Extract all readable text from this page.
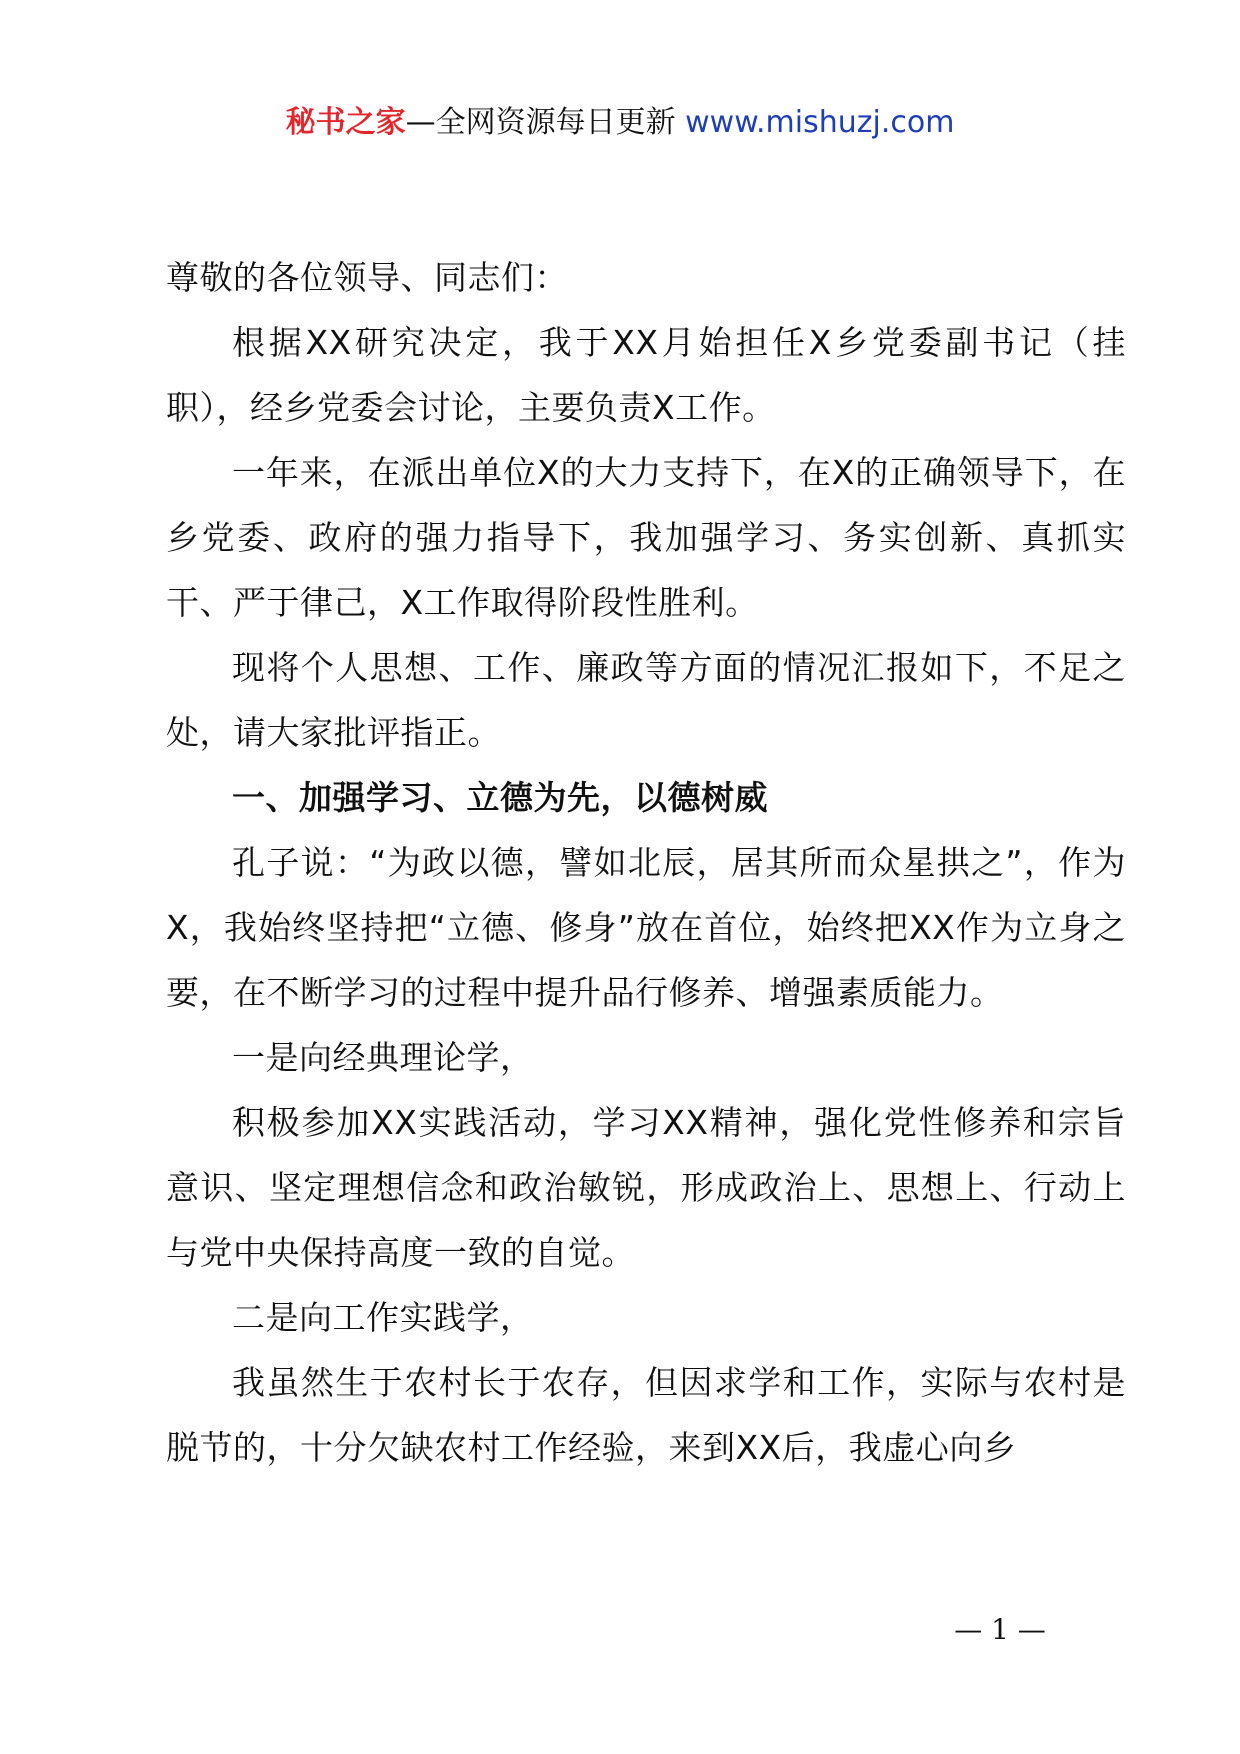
秘书之家—全网资源每日更新 www.mishuzj.com

尊敬的各位领导、同志们：

根据XX研究决定，我于XX月始担任X乡党委副书记（挂职），经乡党委会讨论，主要负责X工作。

一年来，在派出单位X的大力支持下，在X的正确领导下，在乡党委、政府的强力指导下，我加强学习、务实创新、真抓实干、严于律己，X工作取得阶段性胜利。

现将个人思想、工作、廉政等方面的情况汇报如下，不足之处，请大家批评指正。

一、加强学习、立德为先，以德树威

孔子说：“为政以德，譬如北辰，居其所而众星拱之”，作为X，我始终坚持把“立德、修身”放在首位，始终把XX作为立身之要，在不断学习的过程中提升品行修养、增强素质能力。

一是向经典理论学，

积极参加XX实践活动，学习XX精神，强化党性修养和宗旨意识、坚定理想信念和政治敏锐，形成政治上、思想上、行动上与党中央保持高度一致的自觉。

二是向工作实践学，

我虽然生于农村长于农存，但因求学和工作，实际与农村是脱节的，十分欠缺农村工作经验，来到XX后，我虚心向乡

— 1 —
